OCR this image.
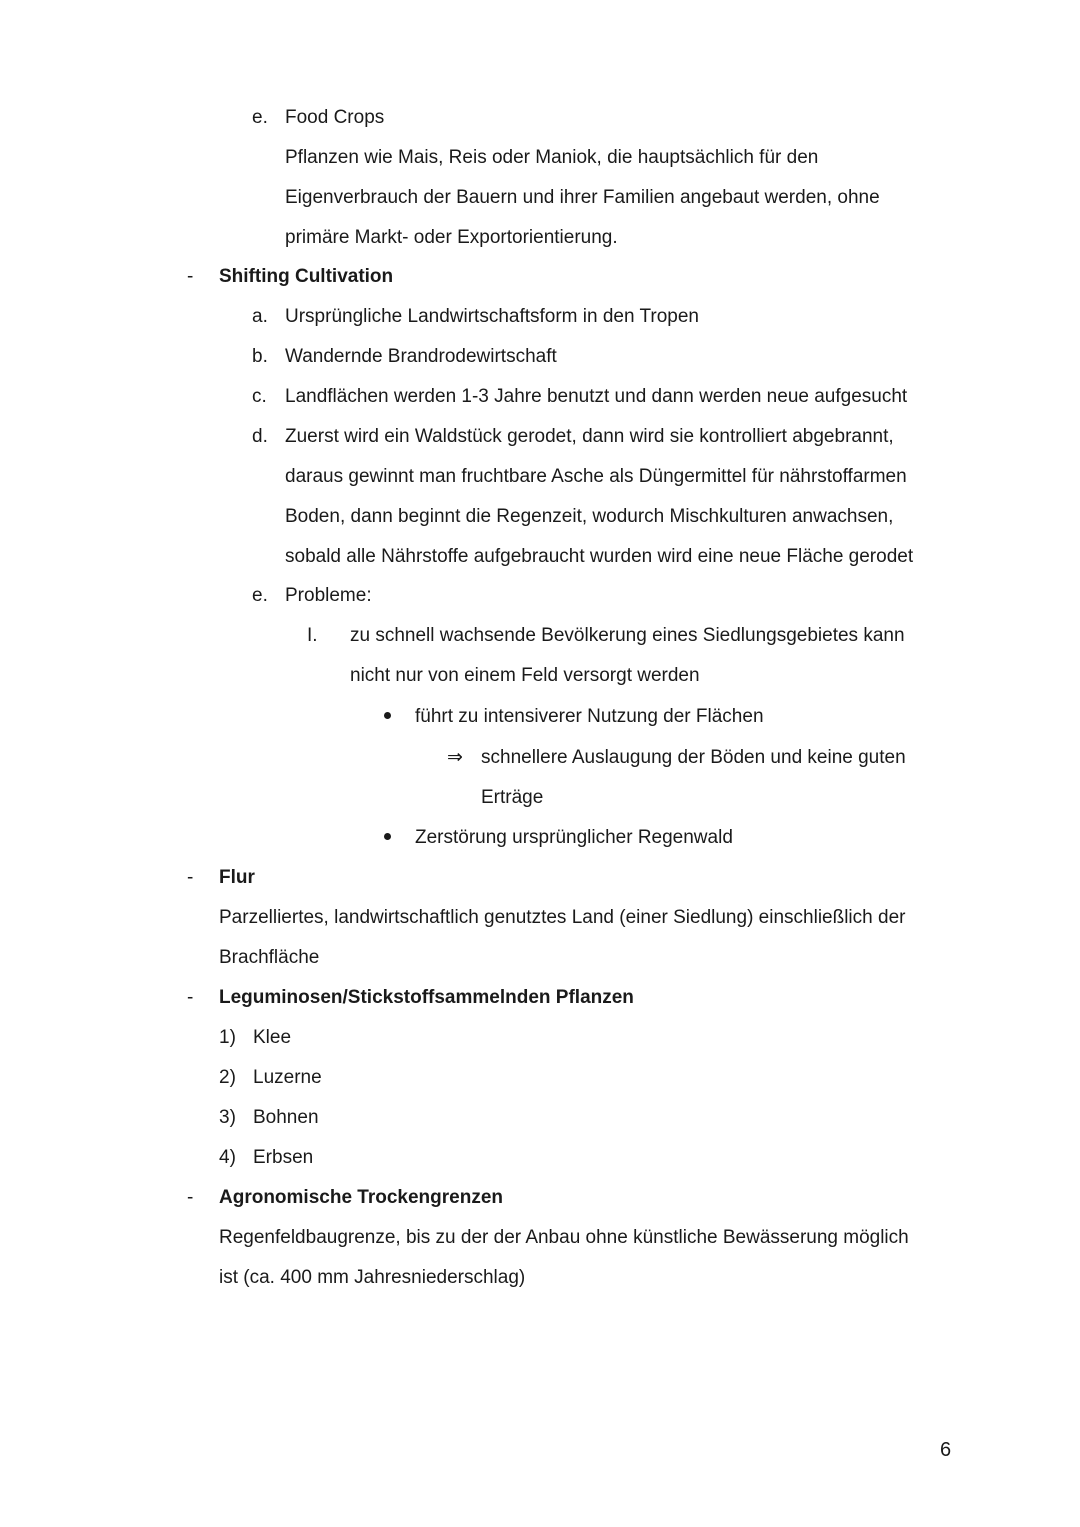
e. Food Crops
Pflanzen wie Mais, Reis oder Maniok, die hauptsächlich für den
Eigenverbrauch der Bauern und ihrer Familien angebaut werden, ohne
primäre Markt- oder Exportorientierung.
- Shifting Cultivation
a. Ursprüngliche Landwirtschaftsform in den Tropen
b. Wandernde Brandrodewirtschaft
c. Landflächen werden 1-3 Jahre benutzt und dann werden neue aufgesucht
d. Zuerst wird ein Waldstück gerodet, dann wird sie kontrolliert abgebrannt,
daraus gewinnt man fruchtbare Asche als Düngermittel für nährstoffarmen
Boden, dann beginnt die Regenzeit, wodurch Mischkulturen anwachsen,
sobald alle Nährstoffe aufgebraucht wurden wird eine neue Fläche gerodet
e. Probleme:
I. zu schnell wachsende Bevölkerung eines Siedlungsgebietes kann
nicht nur von einem Feld versorgt werden
führt zu intensiverer Nutzung der Flächen
⇒ schnellere Auslaugung der Böden und keine guten
Erträge
Zerstörung ursprünglicher Regenwald
- Flur
Parzelliertes, landwirtschaftlich genutztes Land (einer Siedlung) einschließlich der
Brachfläche
- Leguminosen/Stickstoffsammelnden Pflanzen
1) Klee
2) Luzerne
3) Bohnen
4) Erbsen
- Agronomische Trockengrenzen
Regenfeldbaugrenze, bis zu der der Anbau ohne künstliche Bewässerung möglich
ist (ca. 400 mm Jahresniederschlag)
6
